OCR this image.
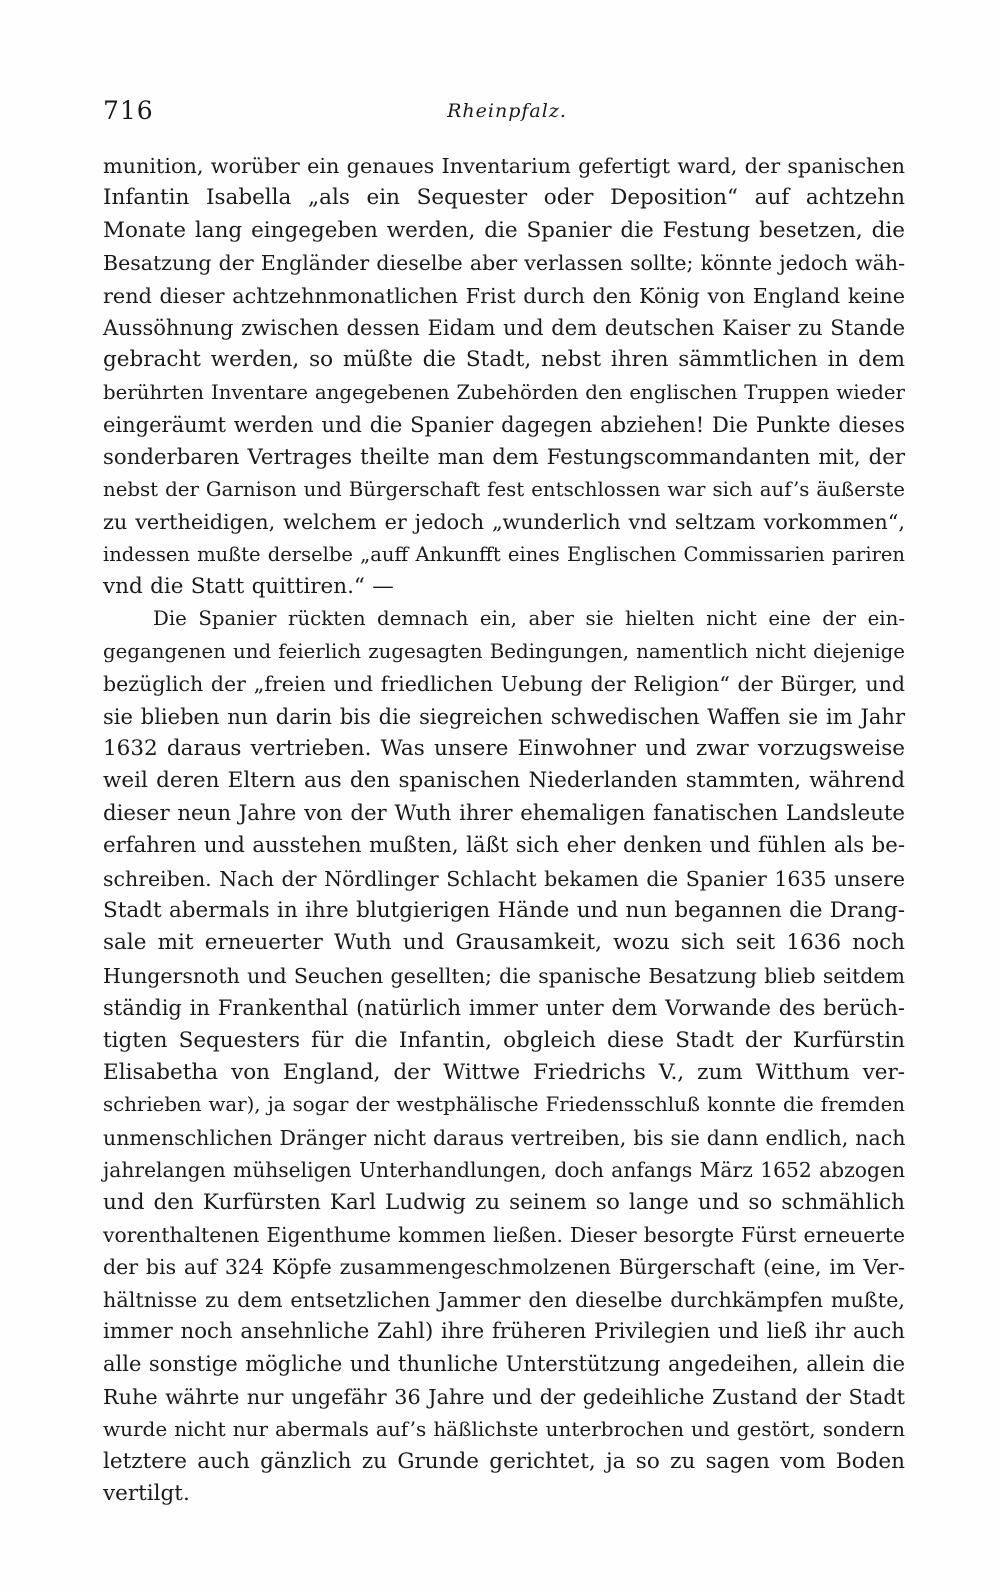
716	Rheinpfalz.
munition, worüber ein genaues Inventarium gefertigt ward, der spanischen
Infantin Isabella „als ein Sequester oder Deposition“ auf achtzehn
Monate lang eingegeben werden, die Spanier die Festung besetzen, die
Besatzung der Engländer dieselbe aber verlassen sollte; könnte jedoch wäh-
rend dieser achtzehnmonatlichen Frist durch den König von England keine
Aussöhnung zwischen dessen Eidam und dem deutschen Kaiser zu Stande
gebracht werden, so müßte die Stadt, nebst ihren sämmtlichen in dem
berührten Inventare angegebenen Zubehörden den englischen Truppen wieder
eingeräumt werden und die Spanier dagegen abziehen! Die Punkte dieses
sonderbaren Vertrages theilte man dem Festungscommandanten mit, der
nebst der Garnison und Bürgerschaft fest entschlossen war sich auf’s äußerste
zu vertheidigen, welchem er jedoch „wunderlich vnd seltzam vorkommen“,
indessen mußte derselbe „auff Ankunfft eines Englischen Commissarien pariren
vnd die Statt quittiren.“ —
Die Spanier rückten demnach ein, aber sie hielten nicht eine der ein-
gegangenen und feierlich zugesagten Bedingungen, namentlich nicht diejenige
bezüglich der „freien und friedlichen Uebung der Religion“ der Bürger, und
sie blieben nun darin bis die siegreichen schwedischen Waffen sie im Jahr
1632 daraus vertrieben. Was unsere Einwohner und zwar vorzugsweise
weil deren Eltern aus den spanischen Niederlanden stammten, während
dieser neun Jahre von der Wuth ihrer ehemaligen fanatischen Landsleute
erfahren und ausstehen mußten, läßt sich eher denken und fühlen als be-
schreiben. Nach der Nördlinger Schlacht bekamen die Spanier 1635 unsere
Stadt abermals in ihre blutgierigen Hände und nun begannen die Drang-
sale mit erneuerter Wuth und Grausamkeit, wozu sich seit 1636 noch
Hungersnoth und Seuchen gesellten; die spanische Besatzung blieb seitdem
ständig in Frankenthal (natürlich immer unter dem Vorwande des berüch-
tigten Sequesters für die Infantin, obgleich diese Stadt der Kurfürstin
Elisabetha von England, der Wittwe Friedrichs V., zum Witthum ver-
schrieben war), ja sogar der westphälische Friedensschluß konnte die fremden
unmenschlichen Dränger nicht daraus vertreiben, bis sie dann endlich, nach
jahrelangen mühseligen Unterhandlungen, doch anfangs März 1652 abzogen
und den Kurfürsten Karl Ludwig zu seinem so lange und so schmählich
vorenthaltenen Eigenthume kommen ließen. Dieser besorgte Fürst erneuerte
der bis auf 324 Köpfe zusammengeschmolzenen Bürgerschaft (eine, im Ver-
hältnisse zu dem entsetzlichen Jammer den dieselbe durchkämpfen mußte,
immer noch ansehnliche Zahl) ihre früheren Privilegien und ließ ihr auch
alle sonstige mögliche und thunliche Unterstützung angedeihen, allein die
Ruhe währte nur ungefähr 36 Jahre und der gedeihliche Zustand der Stadt
wurde nicht nur abermals auf’s häßlichste unterbrochen und gestört, sondern
letztere auch gänzlich zu Grunde gerichtet, ja so zu sagen vom Boden
vertilgt.
